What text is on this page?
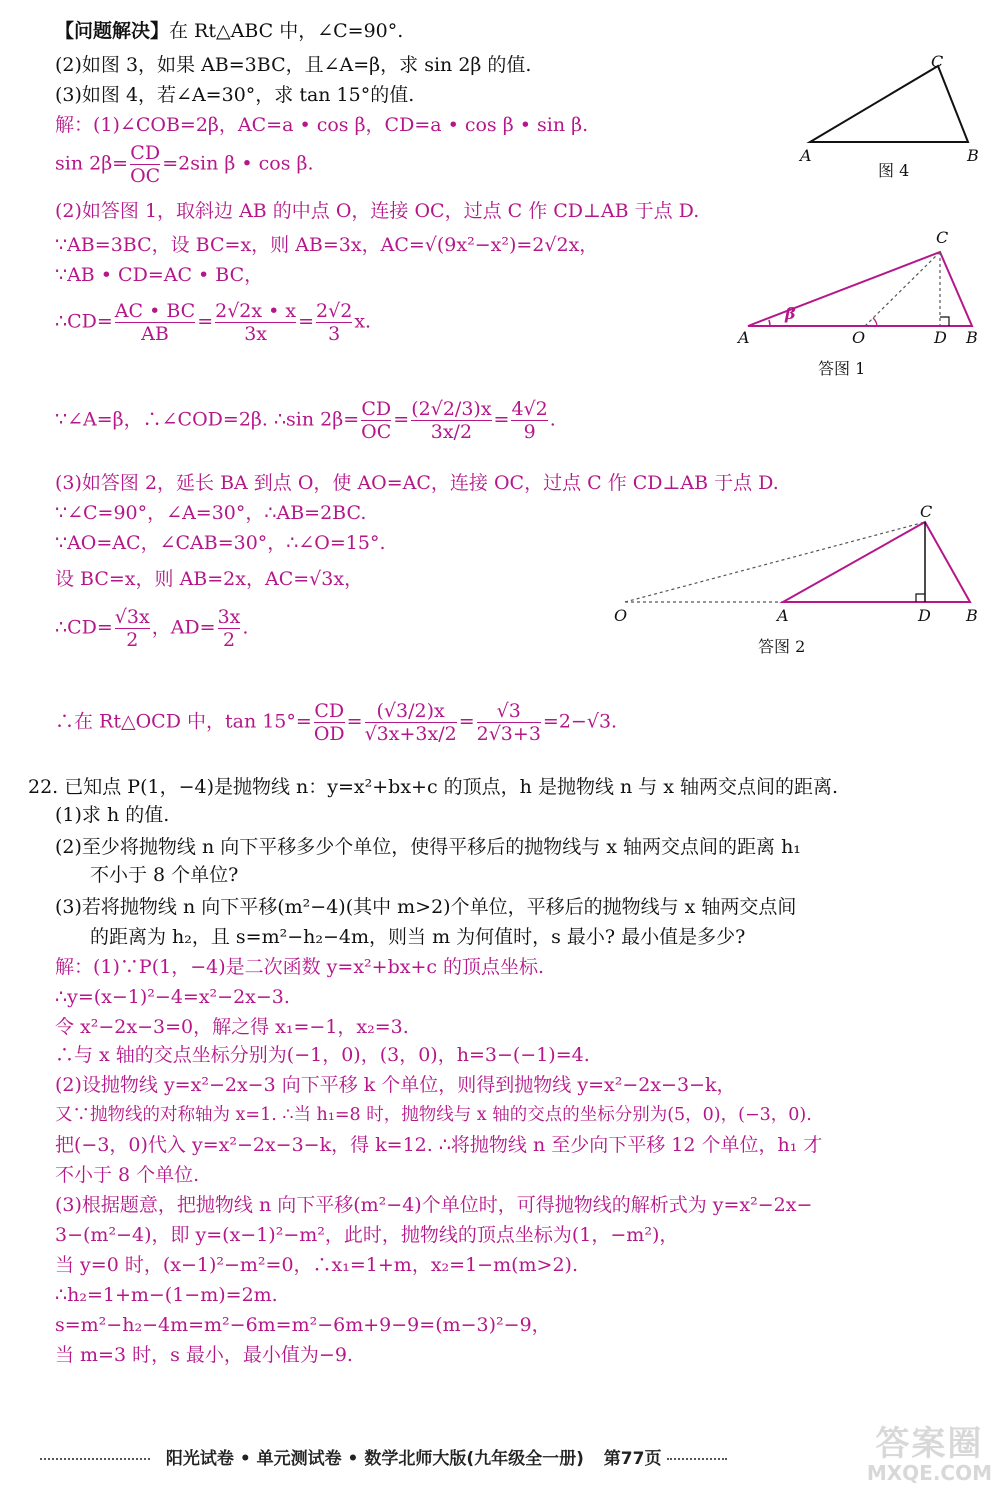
【问题解决】在 Rt△ABC 中，∠C=90°.
(2)如图 3，如果 AB=3BC，且∠A=β，求 sin 2β 的值.
(3)如图 4，若∠A=30°，求 tan 15°的值.
A	B
C
图 4
解：(1)∠COB=2β，AC=a • cos β，CD=a • cos β • sin β.
$\sin 2\beta= \frac{CD}{OC} =2\sin$ β • cos β.
(2)如答图 1，取斜边 AB 的中点 O，连接 OC，过点 C 作 CD⊥AB 于点 D.
∵AB=3BC，设 BC=x，则 AB=3x，AC=√(9x²−x²)=2√2x，
∵AB • CD=AC • BC，
∴CD= $\frac{AC • BC}{AB} = \frac{2√2x • x}{3x} = \frac{2√2}{3} x$.
A	O	D B
C
β
答图 1
∵∠A=β，∴∠COD=2β. ∴sin $2\beta= \frac{CD}{OC} = \frac{(2√2/3)x}{3x/2} = \frac{4√2}{9}$ .
(3)如答图 2，延长 BA 到点 O，使 AO=AC，连接 OC，过点 C 作 CD⊥AB 于点 D.
∵∠C=90°，∠A=30°，∴AB=2BC.
∵AO=AC，∠CAB=30°，∴∠O=15°.
设 BC=x，则 AB=2x，AC=√3x，
∴CD= $\frac{√3x}{2}$ ，$AD= \frac{3x}{2}$ .
O	A	D B
C
答图 2
∴在 Rt△OCD 中，$\tan 15^\circ= \frac{CD}{OD} = \frac{(√3/2)x}{√3x+3x/2} = \frac{√3}{2√3+3} =2-√3$.
22. 已知点 P(1，−4)是抛物线 n：y=x²+bx+c 的顶点，h 是抛物线 n 与 x 轴两交点间的距离.
(1)求 h 的值.
(2)至少将抛物线 n 向下平移多少个单位，使得平移后的抛物线与 x 轴两交点间的距离 h₁
不小于 8 个单位?
(3)若将抛物线 n 向下平移(m²−4)(其中 m>2)个单位，平移后的抛物线与 x 轴两交点间
的距离为 h₂，且 s=m²−h₂−4m，则当 m 为何值时，s 最小? 最小值是多少?
解：(1)∵P(1，−4)是二次函数 y=x²+bx+c 的顶点坐标.
∴y=(x−1)²−4=x²−2x−3.
令 x²−2x−3=0，解之得 x₁=−1，x₂=3.
∴与 x 轴的交点坐标分别为(−1，0)，(3，0)，h=3−(−1)=4.
(2)设抛物线 y=x²−2x−3 向下平移 k 个单位，则得到抛物线 y=x²−2x−3−k，
又∵抛物线的对称轴为 x=1. ∴当 h₁=8 时，抛物线与 x 轴的交点的坐标分别为(5，0)，(−3，0).
把(−3，0)代入 y=x²−2x−3−k，得 k=12. ∴将抛物线 n 至少向下平移 12 个单位，h₁ 才
不小于 8 个单位.
(3)根据题意，把抛物线 n 向下平移(m²−4)个单位时，可得抛物线的解析式为 y=x²−2x−
3−(m²−4)，即 y=(x−1)²−m²，此时，抛物线的顶点坐标为(1，−m²)，
当 y=0 时，(x−1)²−m²=0，∴x₁=1+m，x₂=1−m(m>2).
∴h₂=1+m−(1−m)=2m.
s=m²−h₂−4m=m²−6m=m²−6m+9−9=(m−3)²−9，
当 m=3 时，s 最小，最小值为−9.
阳光试卷 • 单元测试卷 • 数学北师大版(九年级全一册) 第77页	答案圈
MXQE.COM
